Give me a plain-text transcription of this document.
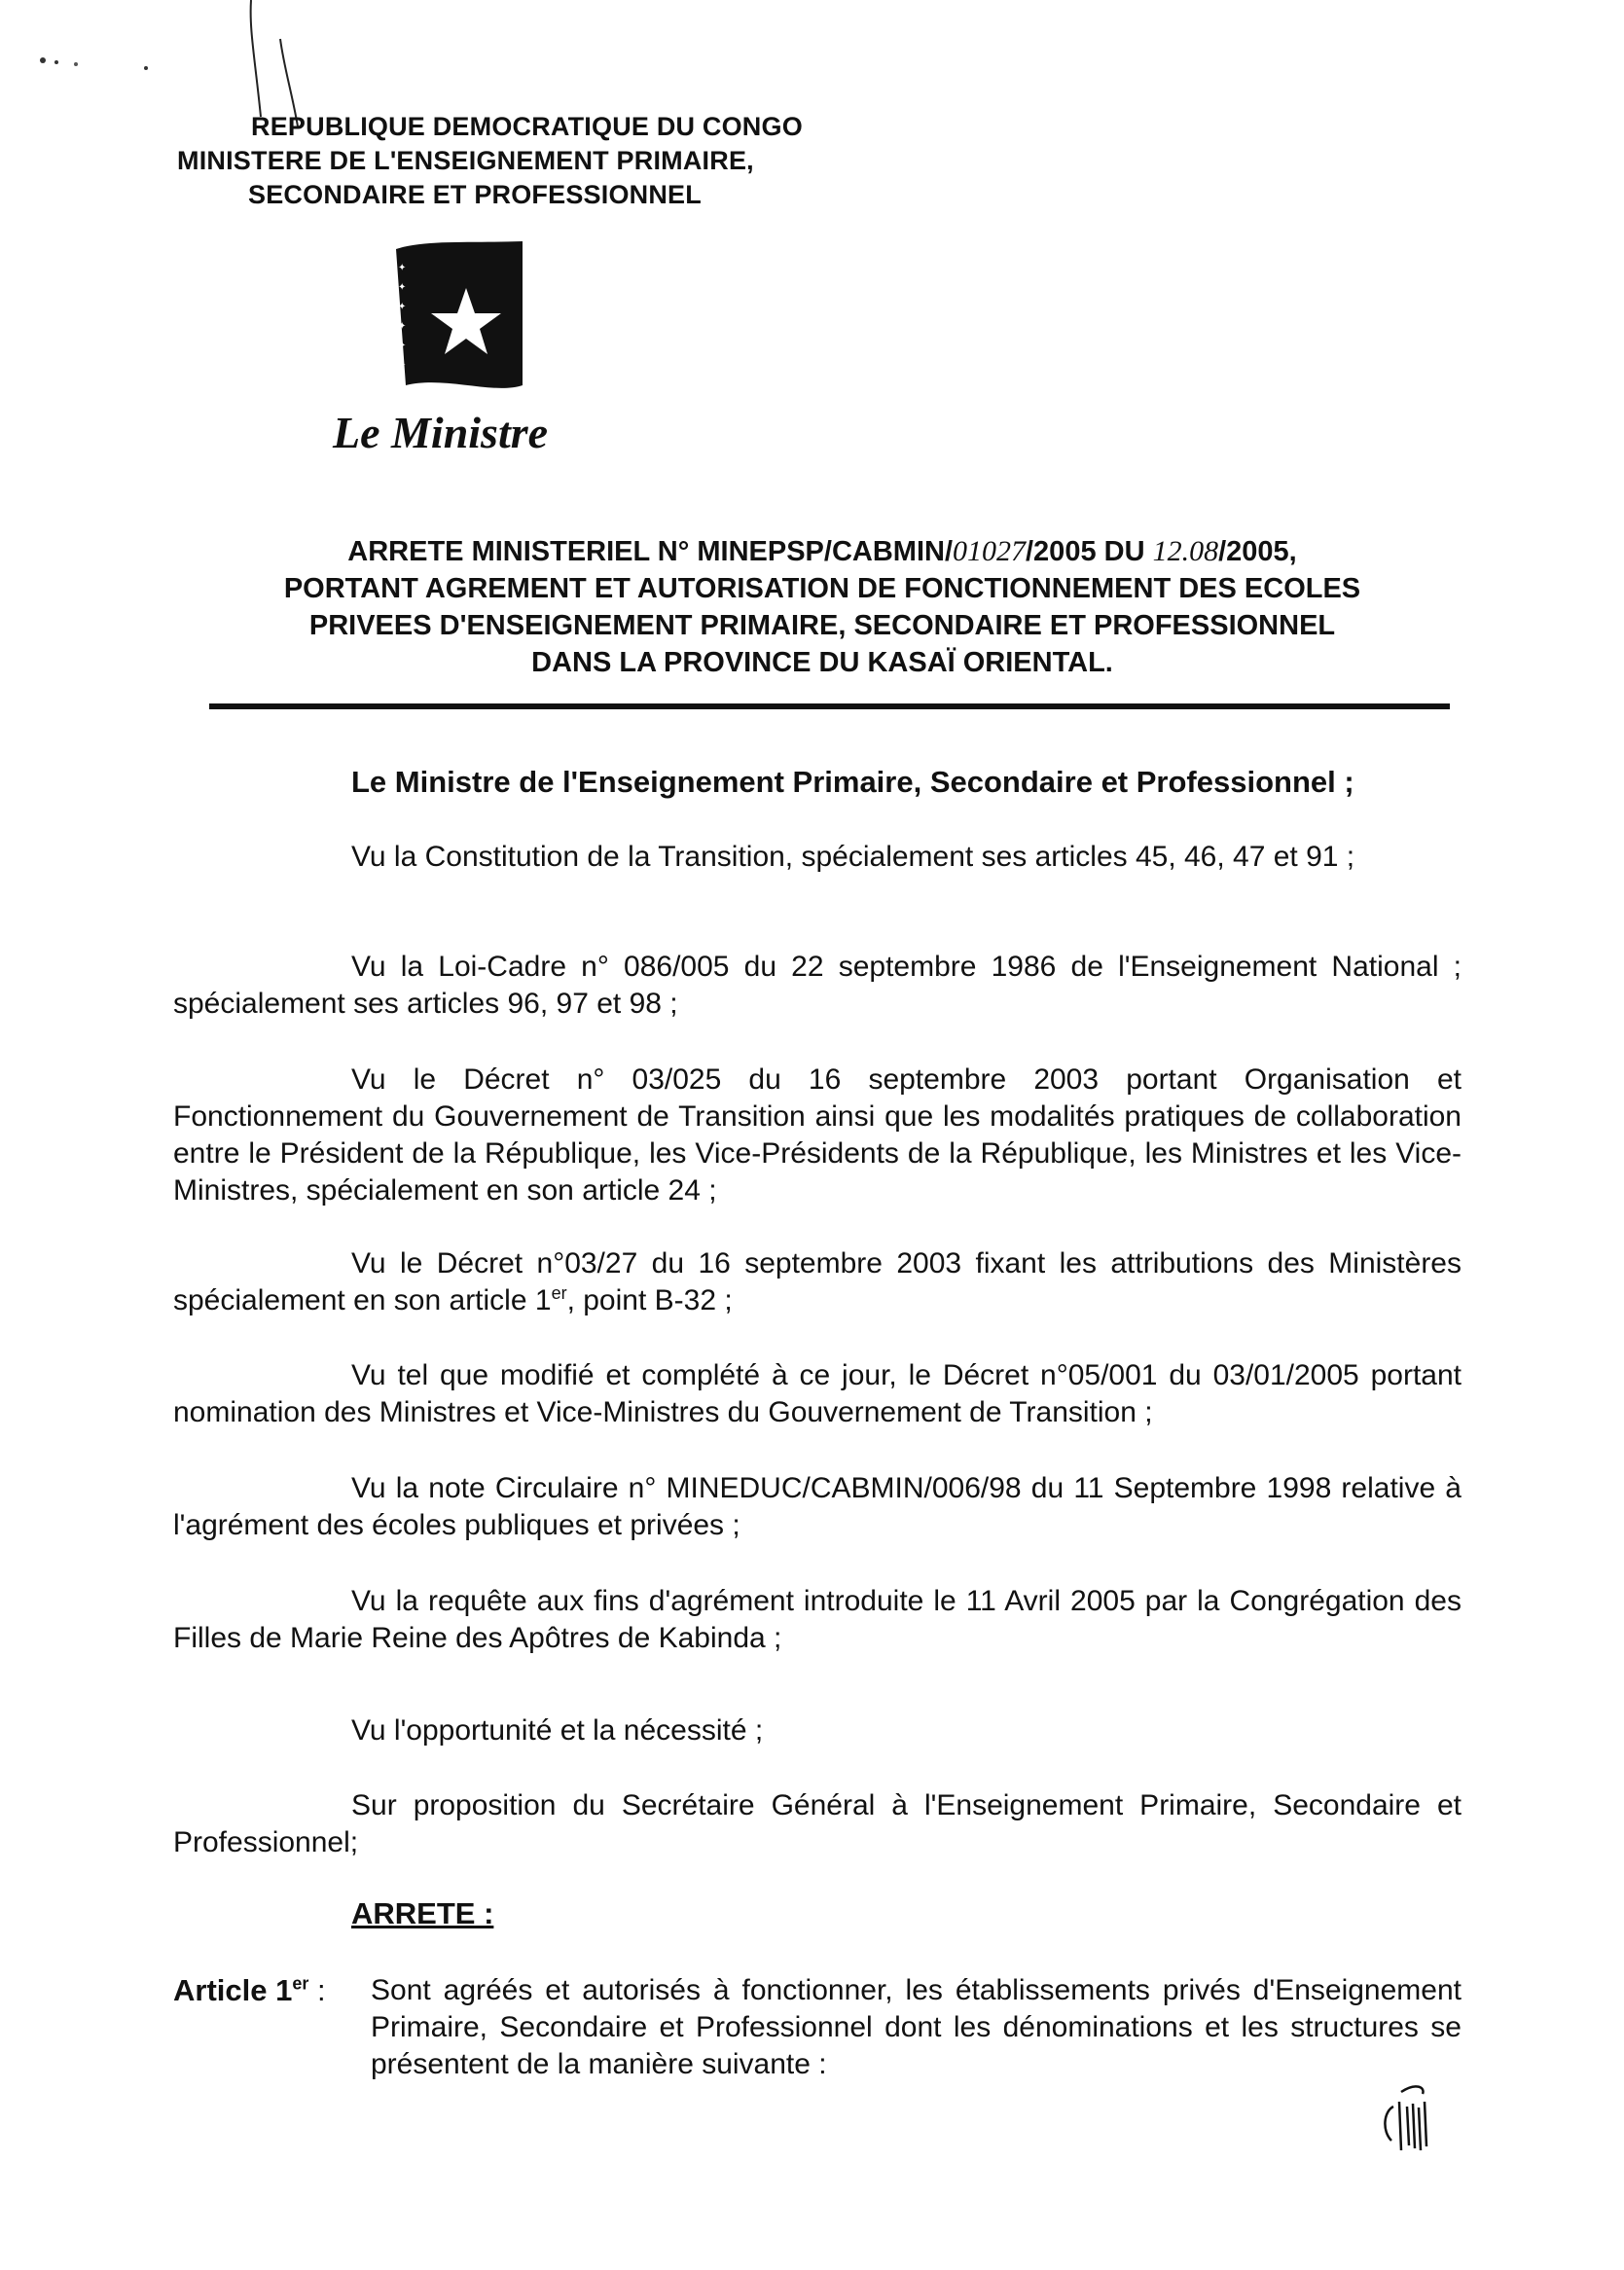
REPUBLIQUE DEMOCRATIQUE DU CONGO
MINISTERE DE L'ENSEIGNEMENT PRIMAIRE,
SECONDAIRE ET PROFESSIONNEL
✦
✦
✦
✦
✦
✦
Le Ministre
ARRETE MINISTERIEL N° MINEPSP/CABMIN/01027/2005 DU 12.08/2005,
PORTANT AGREMENT ET AUTORISATION DE FONCTIONNEMENT DES ECOLES
PRIVEES D'ENSEIGNEMENT PRIMAIRE, SECONDAIRE ET PROFESSIONNEL
DANS LA PROVINCE DU KASAÏ ORIENTAL.
Le Ministre de l'Enseignement Primaire, Secondaire et Professionnel ;
Vu la Constitution de la Transition, spécialement ses articles 45, 46, 47 et 91 ;
Vu la Loi-Cadre n° 086/005 du 22 septembre 1986 de l'Enseignement National ; spécialement ses articles 96, 97 et 98 ;
Vu le Décret n° 03/025 du 16 septembre 2003 portant Organisation et Fonctionnement du Gouvernement de Transition ainsi que les modalités pratiques de collaboration entre le Président de la République, les Vice-Présidents de la République, les Ministres et les Vice-Ministres, spécialement en son article 24 ;
Vu le Décret n°03/27 du 16 septembre 2003 fixant les attributions des Ministères spécialement en son article 1er, point B-32 ;
Vu tel que modifié et complété à ce jour, le Décret n°05/001 du 03/01/2005 portant nomination des Ministres et Vice-Ministres du Gouvernement de Transition ;
Vu la note Circulaire n° MINEDUC/CABMIN/006/98 du 11 Septembre 1998 relative à l'agrément des écoles publiques et privées ;
Vu la requête aux fins d'agrément introduite le 11 Avril 2005 par la Congrégation des Filles de Marie Reine des Apôtres de Kabinda ;
Vu l'opportunité et la nécessité ;
Sur proposition du Secrétaire Général à l'Enseignement Primaire, Secondaire et Professionnel;
ARRETE :
Article 1er : Sont agréés et autorisés à fonctionner, les établissements privés d'Enseignement Primaire, Secondaire et Professionnel dont les dénominations et les structures se présentent de la manière suivante :
